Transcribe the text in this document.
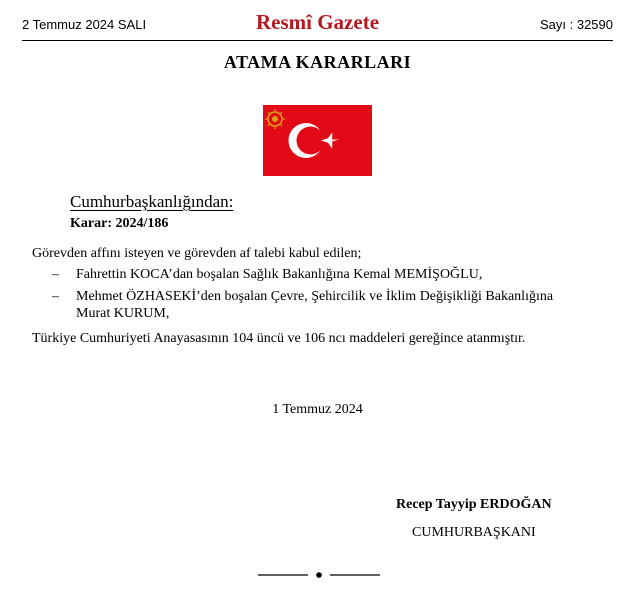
2 Temmuz 2024 SALI	Resmî Gazete	Sayı : 32590
ATAMA KARARLARI
Cumhurbaşkanlığından:
Karar: 2024/186
Görevden affını isteyen ve görevden af talebi kabul edilen;
– Fahrettin KOCA’dan boşalan Sağlık Bakanlığına Kemal MEMİŞOĞLU,
– Mehmet ÖZHASEKİ’den boşalan Çevre, Şehircilik ve İklim Değişikliği Bakanlığına
Murat KURUM,
Türkiye Cumhuriyeti Anayasasının 104 üncü ve 106 ncı maddeleri gereğince atanmıştır.
1 Temmuz 2024
Recep Tayyip ERDOĞAN
CUMHURBAŞKANI
